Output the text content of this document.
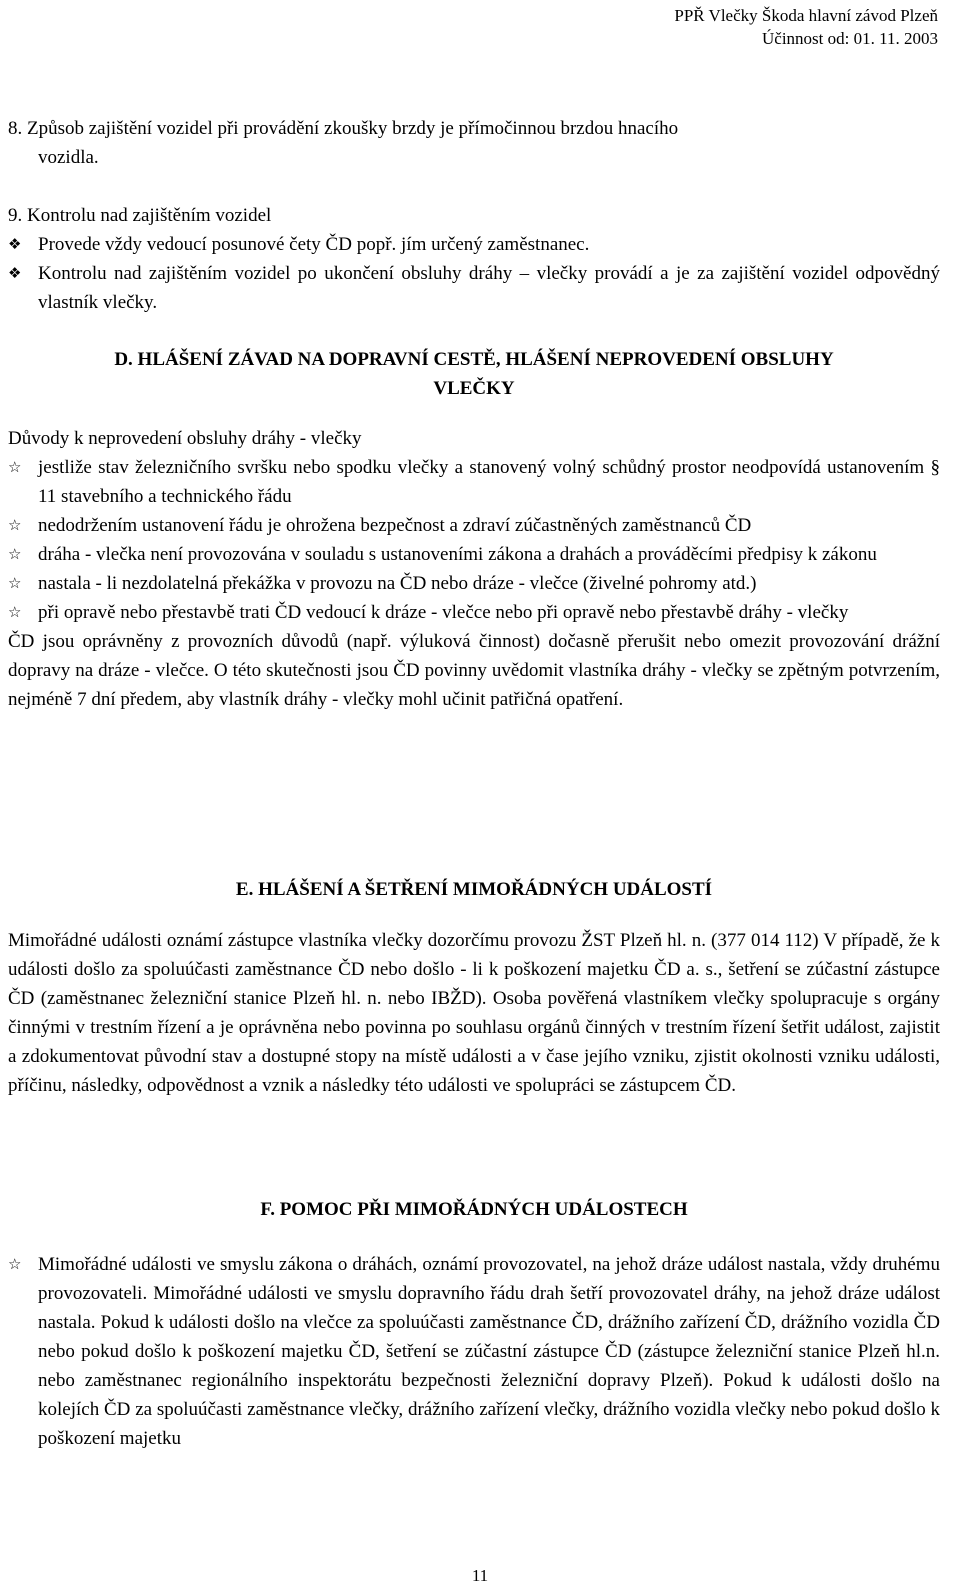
PPŘ Vlečky Škoda hlavní závod Plzeň
Účinnost od: 01. 11. 2003

8. Způsob zajištění vozidel při provádění zkoušky brzdy je přímočinnou brzdou hnacího

vozidla.

9. Kontrolu nad zajištěním vozidel

❖ Provede vždy vedoucí posunové čety ČD popř. jím určený zaměstnanec.
❖ Kontrolu nad zajištěním vozidel po ukončení obsluhy dráhy – vlečky provádí a je za zajištění vozidel odpovědný vlastník vlečky.
D. HLÁŠENÍ ZÁVAD NA DOPRAVNÍ CESTĚ, HLÁŠENÍ NEPROVEDENÍ OBSLUHY
VLEČKY

Důvody k neprovedení obsluhy dráhy - vlečky

☆ jestliže stav železničního svršku nebo spodku vlečky a stanovený volný schůdný prostor neodpovídá ustanovením § 11 stavebního a technického řádu
☆ nedodržením ustanovení řádu je ohrožena bezpečnost a zdraví zúčastněných zaměstnanců ČD
☆ dráha - vlečka není provozována v souladu s ustanoveními zákona a drahách a prováděcími předpisy k zákonu
☆ nastala - li nezdolatelná překážka v provozu na ČD nebo dráze - vlečce (živelné pohromy atd.)
☆ při opravě nebo přestavbě trati ČD vedoucí k dráze - vlečce nebo při opravě nebo přestavbě dráhy - vlečky

ČD jsou oprávněny z provozních důvodů (např. výluková činnost) dočasně přerušit nebo omezit provozování drážní dopravy na dráze - vlečce. O této skutečnosti jsou ČD povinny uvědomit vlastníka dráhy - vlečky se zpětným potvrzením, nejméně 7 dní předem, aby vlastník dráhy - vlečky mohl učinit patřičná opatření.

E. HLÁŠENÍ A ŠETŘENÍ MIMOŘÁDNÝCH UDÁLOSTÍ
Mimořádné události oznámí zástupce vlastníka vlečky dozorčímu provozu ŽST Plzeň hl. n. (377 014 112) V případě, že k události došlo za spoluúčasti zaměstnance ČD nebo došlo - li k poškození majetku ČD a. s., šetření se zúčastní zástupce ČD (zaměstnanec železniční stanice Plzeň hl. n. nebo IBŽD). Osoba pověřená vlastníkem vlečky spolupracuje s orgány činnými v trestním řízení a je oprávněna nebo povinna po souhlasu orgánů činných v trestním řízení šetřit událost, zajistit a zdokumentovat původní stav a dostupné stopy na místě události a v čase jejího vzniku, zjistit okolnosti vzniku události, příčinu, následky, odpovědnost a vznik a následky této události ve spolupráci se zástupcem ČD.
F. POMOC PŘI MIMOŘÁDNÝCH UDÁLOSTECH
☆ Mimořádné události ve smyslu zákona o dráhách, oznámí provozovatel, na jehož dráze událost nastala, vždy druhému provozovateli. Mimořádné události ve smyslu dopravního řádu drah šetří provozovatel dráhy, na jehož dráze událost nastala. Pokud k události došlo na vlečce za spoluúčasti zaměstnance ČD, drážního zařízení ČD, drážního vozidla ČD nebo pokud došlo k poškození majetku ČD, šetření se zúčastní zástupce ČD (zástupce železniční stanice Plzeň hl.n. nebo zaměstnanec regionálního inspektorátu bezpečnosti železniční dopravy Plzeň). Pokud k události došlo na kolejích ČD za spoluúčasti zaměstnance vlečky, drážního zařízení vlečky, drážního vozidla vlečky nebo pokud došlo k poškození majetku
11
